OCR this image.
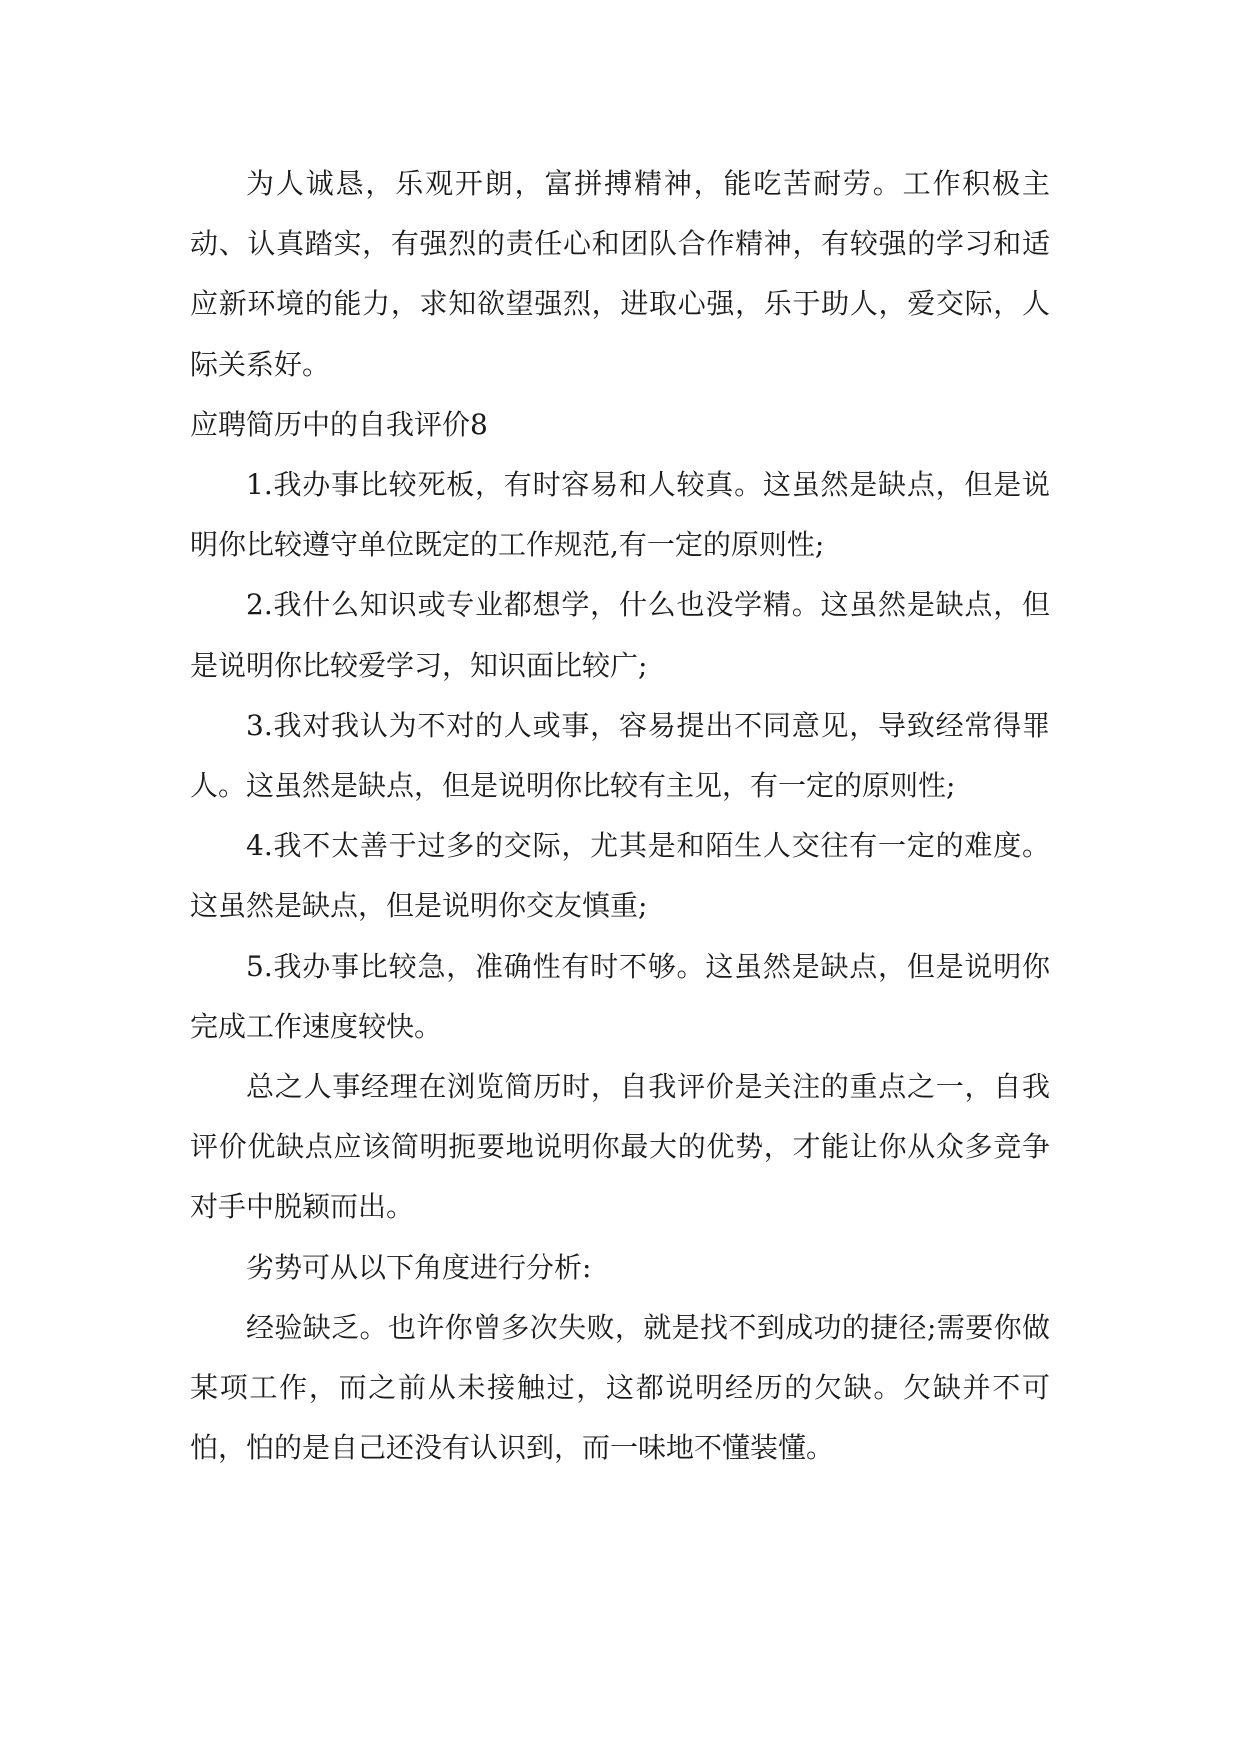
为人诚恳，乐观开朗，富拼搏精神，能吃苦耐劳。工作积极主动、认真踏实，有强烈的责任心和团队合作精神，有较强的学习和适应新环境的能力，求知欲望强烈，进取心强，乐于助人，爱交际，人际关系好。

应聘简历中的自我评价8

1.我办事比较死板，有时容易和人较真。这虽然是缺点，但是说明你比较遵守单位既定的工作规范,有一定的原则性;

2.我什么知识或专业都想学，什么也没学精。这虽然是缺点，但是说明你比较爱学习，知识面比较广;

3.我对我认为不对的人或事，容易提出不同意见，导致经常得罪人。这虽然是缺点，但是说明你比较有主见，有一定的原则性;

4.我不太善于过多的交际，尤其是和陌生人交往有一定的难度。这虽然是缺点，但是说明你交友慎重;

5.我办事比较急，准确性有时不够。这虽然是缺点，但是说明你完成工作速度较快。

总之人事经理在浏览简历时，自我评价是关注的重点之一，自我评价优缺点应该简明扼要地说明你最大的优势，才能让你从众多竞争对手中脱颖而出。

劣势可从以下角度进行分析:

经验缺乏。也许你曾多次失败，就是找不到成功的捷径;需要你做某项工作，而之前从未接触过，这都说明经历的欠缺。欠缺并不可怕，怕的是自己还没有认识到，而一味地不懂装懂。
